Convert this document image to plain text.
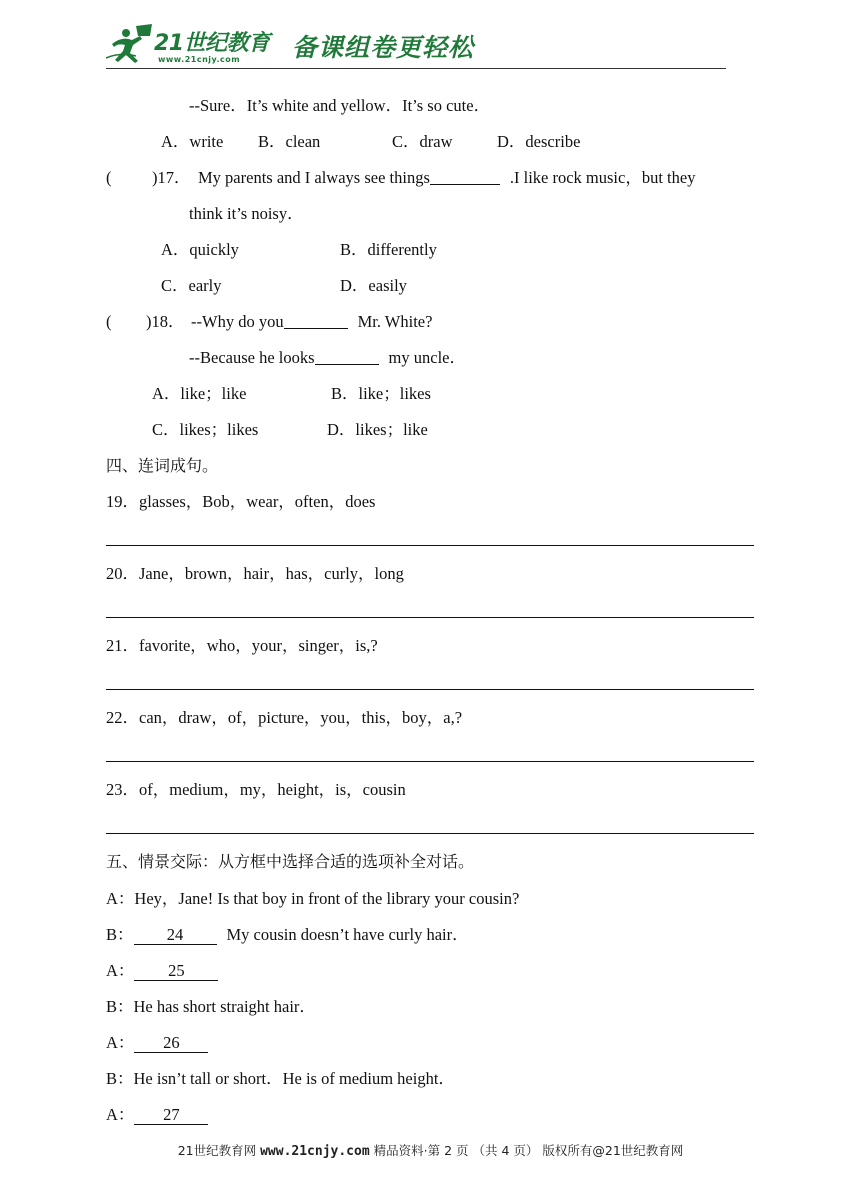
21世纪教育
www.21cnjy.com 备课组卷更轻松
--Sure．It’s white and yellow．It’s so cute．
A．write B．clean	C．draw	D．describe
( )17． My parents and I always see things	.I like rock music，but they
think it’s noisy．
A．quickly	B．differently
C．early	D．easily
( )18． --Why do you	Mr. White?
--Because he looks	my uncle．
A．like；like	B．like；likes
C．likes；likes	D．likes；like
四、连词成句。
19．glasses，Bob，wear，often，does
20．Jane，brown，hair，has，curly，long
21．favorite，who，your，singer，is,?
22．can，draw，of，picture，you，this，boy，a,?
23．of，medium，my，height，is，cousin
五、情景交际：从方框中选择合适的选项补全对话。
A：Hey，Jane! Is that boy in front of the library your cousin?
B： 24	My cousin doesn’t have curly hair．
A： 25
B：He has short straight hair．
A： 26
B：He isn’t tall or short．He is of medium height．
A： 27
21世纪教育网 www.21cnjy.com 精品资料·第 2 页 （共 4 页） 版权所有@21世纪教育网
